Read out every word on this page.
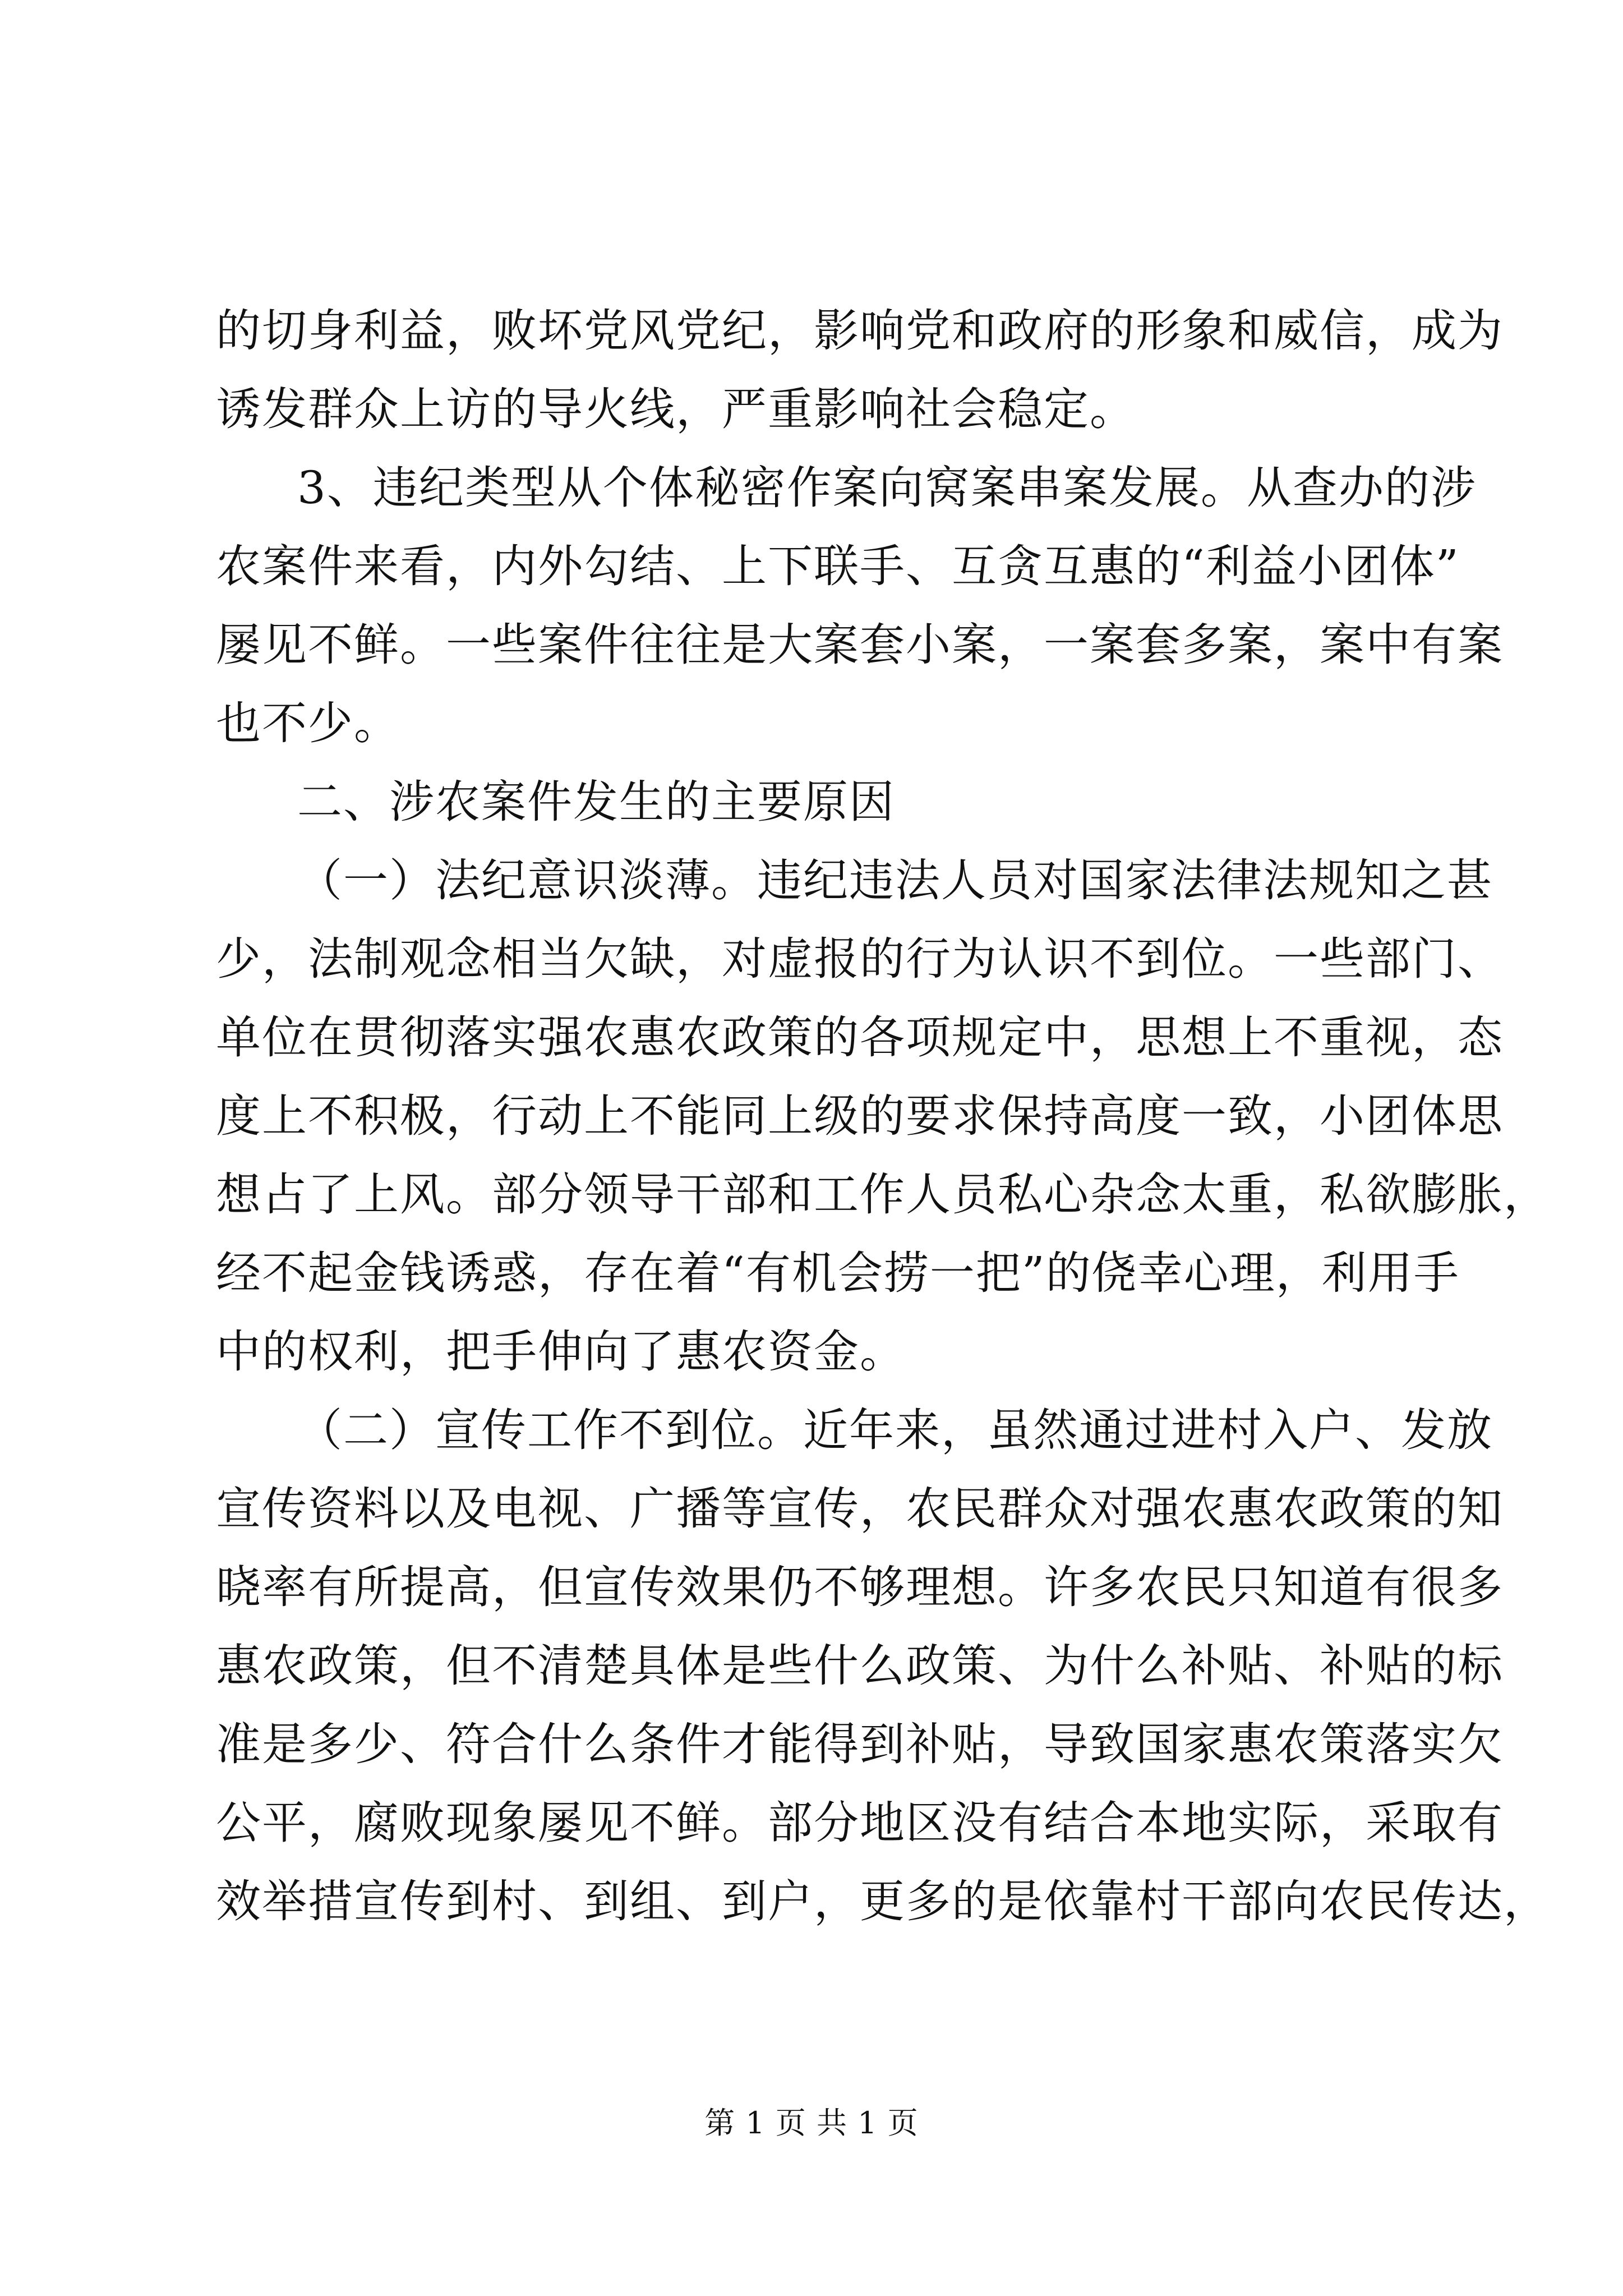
的切身利益，败坏党风党纪，影响党和政府的形象和威信，成为
诱发群众上访的导火线，严重影响社会稳定。
3、违纪类型从个体秘密作案向窝案串案发展。从查办的涉
农案件来看，内外勾结、上下联手、互贪互惠的“利益小团体”
屡见不鲜。一些案件往往是大案套小案，一案套多案，案中有案
也不少。
二、涉农案件发生的主要原因
（一）法纪意识淡薄。违纪违法人员对国家法律法规知之甚
少，法制观念相当欠缺，对虚报的行为认识不到位。一些部门、
单位在贯彻落实强农惠农政策的各项规定中，思想上不重视，态
度上不积极，行动上不能同上级的要求保持高度一致，小团体思
想占了上风。部分领导干部和工作人员私心杂念太重，私欲膨胀，
经不起金钱诱惑，存在着“有机会捞一把”的侥幸心理，利用手
中的权利，把手伸向了惠农资金。
（二）宣传工作不到位。近年来，虽然通过进村入户、发放
宣传资料以及电视、广播等宣传，农民群众对强农惠农政策的知
晓率有所提高，但宣传效果仍不够理想。许多农民只知道有很多
惠农政策，但不清楚具体是些什么政策、为什么补贴、补贴的标
准是多少、符合什么条件才能得到补贴，导致国家惠农策落实欠
公平，腐败现象屡见不鲜。部分地区没有结合本地实际，采取有
效举措宣传到村、到组、到户，更多的是依靠村干部向农民传达，
第 1 页 共 1 页
